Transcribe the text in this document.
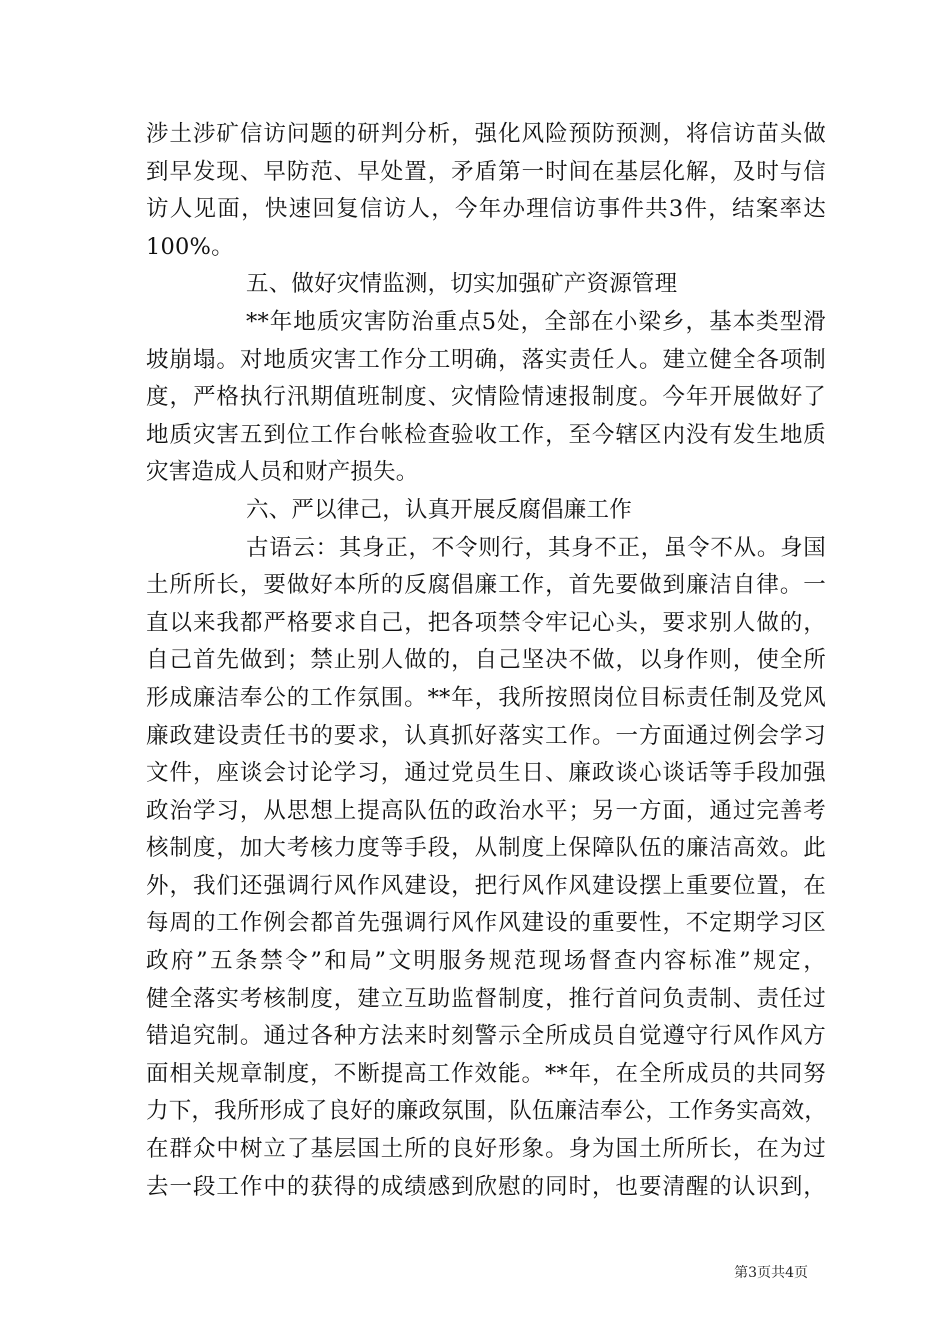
涉土涉矿信访问题的研判分析，强化风险预防预测，将信访苗头做
到早发现、早防范、早处置，矛盾第一时间在基层化解，及时与信
访人见面，快速回复信访人，今年办理信访事件共3件，结案率达
100%。
五、做好灾情监测，切实加强矿产资源管理
**年地质灾害防治重点5处，全部在小梁乡，基本类型滑
坡崩塌。对地质灾害工作分工明确，落实责任人。建立健全各项制
度，严格执行汛期值班制度、灾情险情速报制度。今年开展做好了
地质灾害五到位工作台帐检查验收工作，至今辖区内没有发生地质
灾害造成人员和财产损失。
六、严以律己，认真开展反腐倡廉工作
古语云：其身正，不令则行，其身不正，虽令不从。身国
土所所长，要做好本所的反腐倡廉工作，首先要做到廉洁自律。一
直以来我都严格要求自己，把各项禁令牢记心头，要求别人做的，
自己首先做到；禁止别人做的，自己坚决不做，以身作则，使全所
形成廉洁奉公的工作氛围。**年，我所按照岗位目标责任制及党风
廉政建设责任书的要求，认真抓好落实工作。一方面通过例会学习
文件，座谈会讨论学习，通过党员生日、廉政谈心谈话等手段加强
政治学习，从思想上提高队伍的政治水平；另一方面，通过完善考
核制度，加大考核力度等手段，从制度上保障队伍的廉洁高效。此
外，我们还强调行风作风建设，把行风作风建设摆上重要位置，在
每周的工作例会都首先强调行风作风建设的重要性，不定期学习区
政府”五条禁令”和局”文明服务规范现场督查内容标准”规定，
健全落实考核制度，建立互助监督制度，推行首问负责制、责任过
错追究制。通过各种方法来时刻警示全所成员自觉遵守行风作风方
面相关规章制度，不断提高工作效能。**年，在全所成员的共同努
力下，我所形成了良好的廉政氛围，队伍廉洁奉公，工作务实高效，
在群众中树立了基层国土所的良好形象。身为国土所所长，在为过
去一段工作中的获得的成绩感到欣慰的同时，也要清醒的认识到，
第3页共4页
